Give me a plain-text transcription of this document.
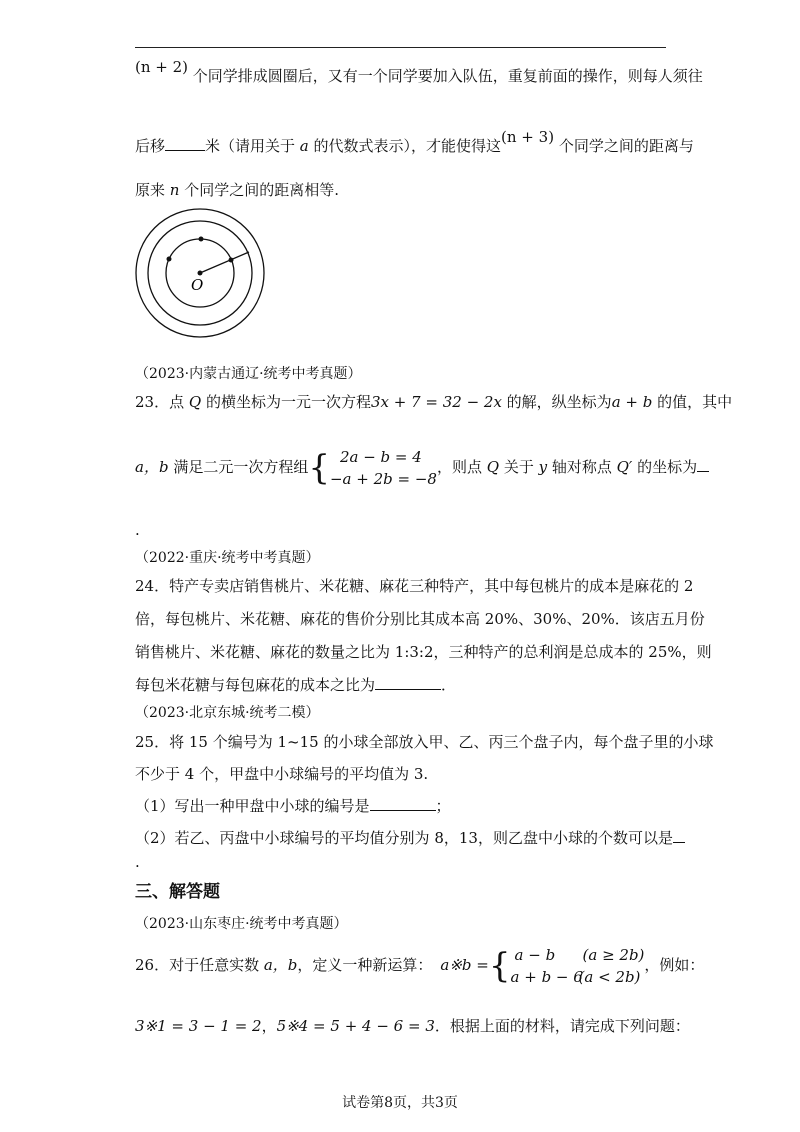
(n + 2) 个同学排成圆圈后，又有一个同学要加入队伍，重复前面的操作，则每人须往
后移	米（请用关于 a 的代数式表示），才能使得这(n + 3) 个同学之间的距离与
原来 n 个同学之间的距离相等.
O
（2023·内蒙古通辽·统考中考真题）
23．点 Q 的横坐标为一元一次方程3x + 7 = 32 − 2x 的解，纵坐标为a + b 的值，其中
a，b 满足二元一次方程组{ 2a − b = 4
−a + 2b = −8
，则点 Q 关于 y 轴对称点 Q′ 的坐标为
.
（2022·重庆·统考中考真题）
24．特产专卖店销售桃片、米花糖、麻花三种特产，其中每包桃片的成本是麻花的 2
倍，每包桃片、米花糖、麻花的售价分别比其成本高 20%、30%、20%．该店五月份
销售桃片、米花糖、麻花的数量之比为 1:3:2，三种特产的总利润是总成本的 25%，则
每包米花糖与每包麻花的成本之比为	．
（2023·北京东城·统考二模）
25．将 15 个编号为 1~15 的小球全部放入甲、乙、丙三个盘子内，每个盘子里的小球
不少于 4 个，甲盘中小球编号的平均值为 3.
（1）写出一种甲盘中小球的编号是	；
（2）若乙、丙盘中小球编号的平均值分别为 8，13，则乙盘中小球的个数可以是
.
三、解答题
（2023·山东枣庄·统考中考真题）
26．对于任意实数 a，b，定义一种新运算： a※b ={ a − b (a ≥ 2b)
a + b − 6(a < 2b)
，例如：
3※1 = 3 − 1 = 2，5※4 = 5 + 4 − 6 = 3．根据上面的材料，请完成下列问题：
试卷第8页，共3页
